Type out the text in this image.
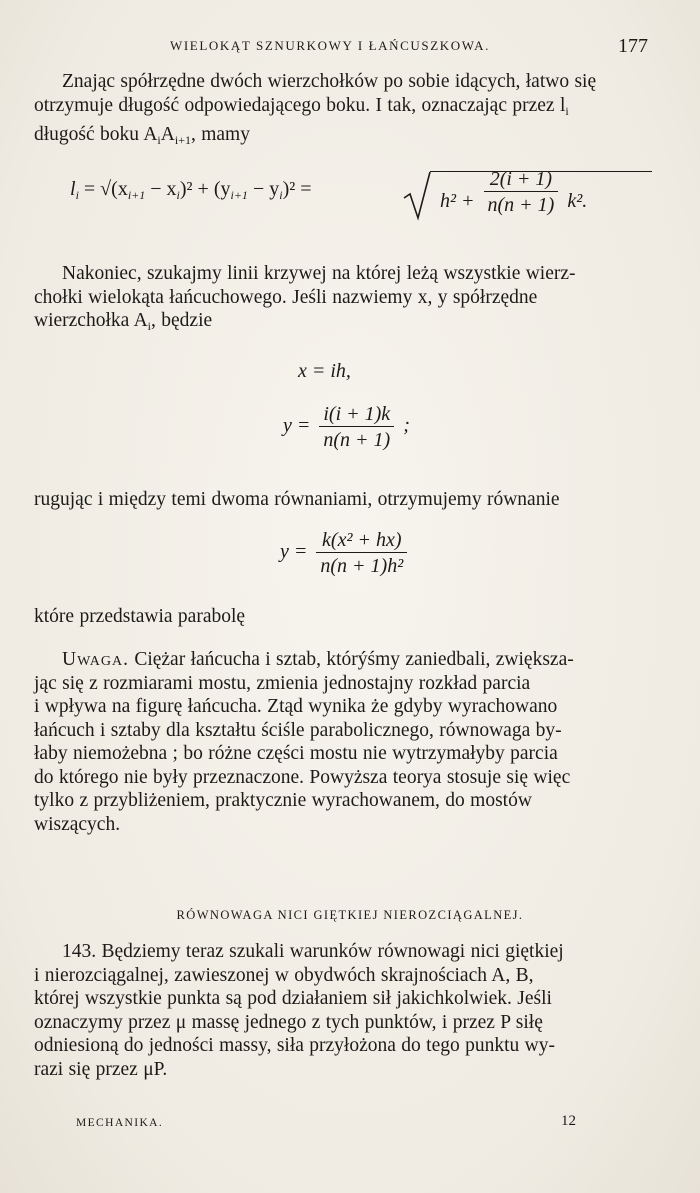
WIELOKĄT SZNURKOWY I ŁAŃCUSZKOWA.	177

Znając spółrzędne dwóch wierzchołków po sobie idących, łatwo się
otrzymuje długość odpowiedającego boku. I tak, oznaczając przez $l_i$
długość boku $A_iA_{i+1}$, mamy

$l_i = √(x_{i+1} - x_i)^2 + (y_{i+1} - y_i)^2$ =
$h^2 + \frac{2(i + 1)}{n(n + 1)} k^2$.

Nakoniec, szukajmy linii krzywej na której leżą wszystkie wierz-
chołki wielokąta łańcuchowego. Jeśli nazwiemy x, y spółrzędne
wierzchołka $A_i$, będzie

x = ih,
$y = \frac{i(i + 1)k}{n(n + 1)}$ ;

rugując i między temi dwoma równaniami, otrzymujemy równanie

$y = \frac{\text{k(x² + hx)}}{\text{n(n + 1)h²}}$

które przedstawia parabolę

Uwaga. Ciężar łańcucha i sztab, którýśmy zaniedbali, zwiększa-
jąc się z rozmiarami mostu, zmienia jednostajny rozkład parcia
i wpływa na figurę łańcucha. Ztąd wynika że gdyby wyrachowano
łańcuch i sztaby dla kształtu ściśle parabolicznego, równowaga by-
łaby niemożebna ; bo różne części mostu nie wytrzymałyby parcia
do którego nie były przeznaczone. Powyższa teorya stosuje się więc
tylko z przybliżeniem, praktycznie wyrachowanem, do mostów
wiszących.

RÓWNOWAGA NICI GIĘTKIEJ NIEROZCIĄGALNEJ.

143. Będziemy teraz szukali warunków równowagi nici giętkiej
i nierozciągalnej, zawieszonej w obydwóch skrajnościach A, B,
której wszystkie punkta są pod działaniem sił jakichkolwiek. Jeśli
oznaczymy przez μ massę jednego z tych punktów, i przez P siłę
odniesioną do jedności massy, siła przyłożona do tego punktu wy-
razi się przez μP.

MECHANIKA.	12
